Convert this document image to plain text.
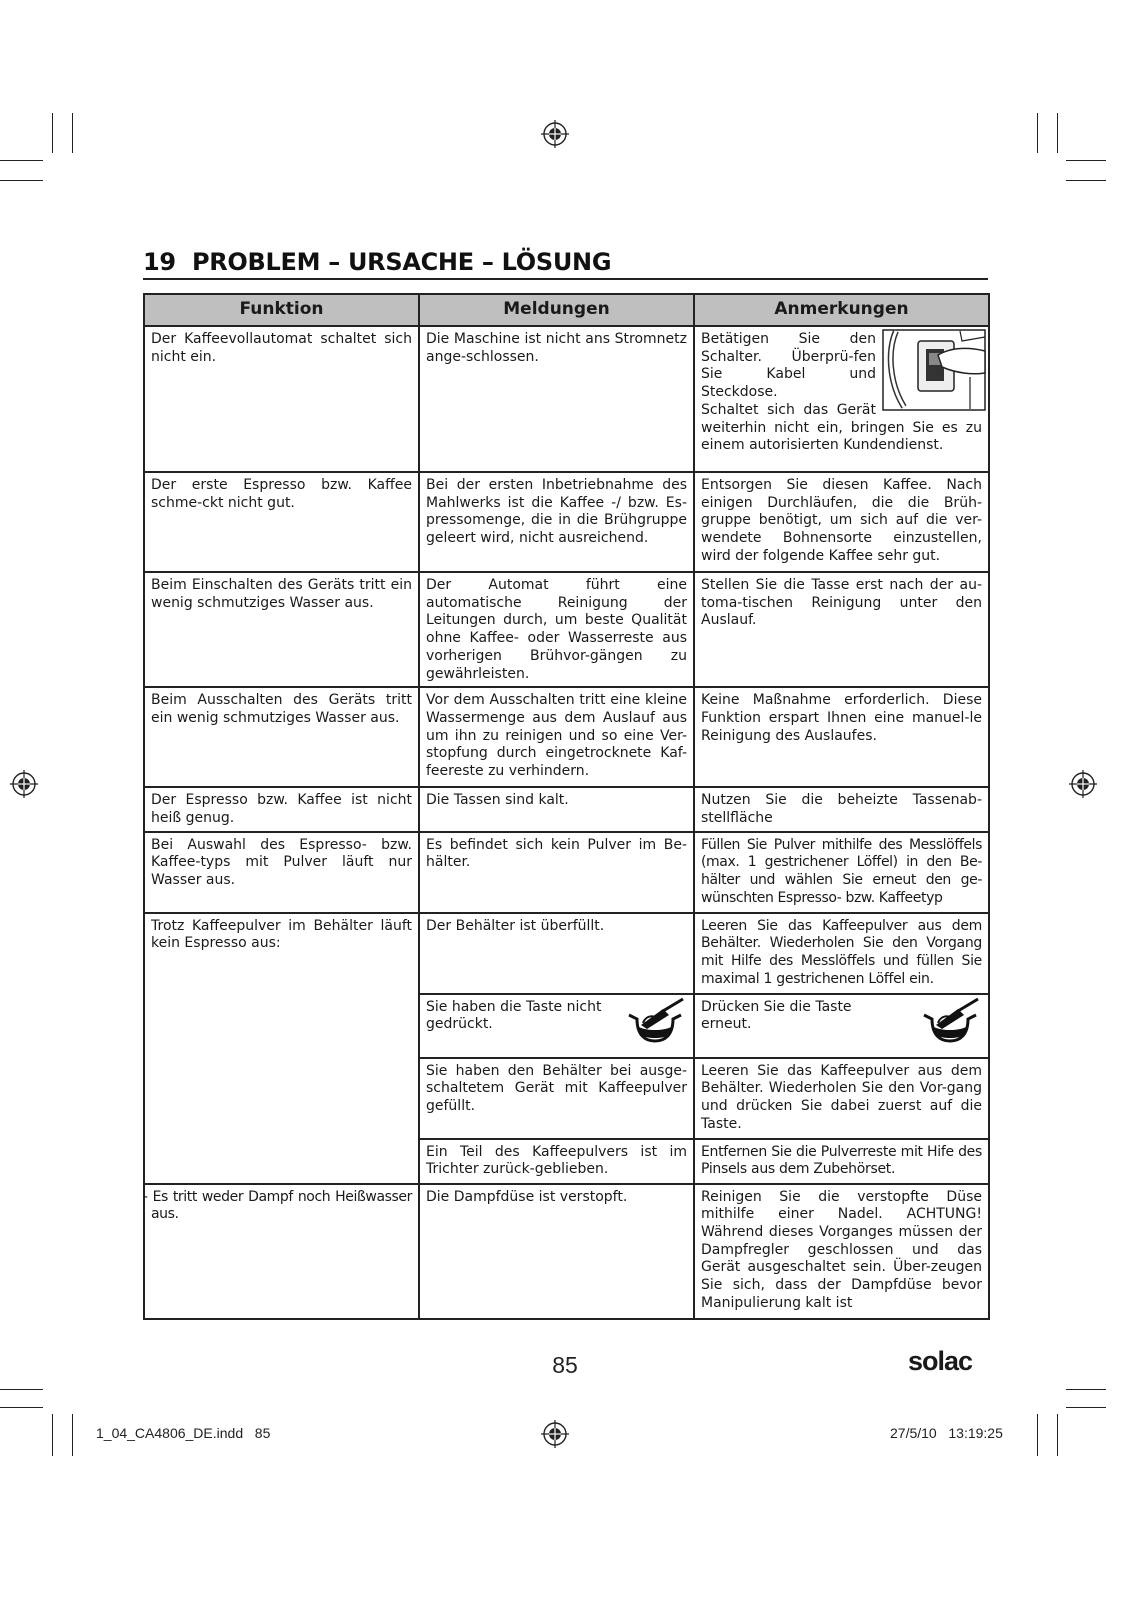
19 PROBLEM – URSACHE – LÖSUNG
Funktion	Meldungen	Anmerkungen
Der Kaffeevollautomat schaltet sich nicht ein.	Die Maschine ist nicht ans Stromnetz ange-schlossen.	Betätigen Sie den Schalter. Überprü-fen Sie Kabel und Steckdose.
Schaltet sich das Gerät weiterhin nicht ein, bringen Sie es zu einem autorisierten Kundendienst.
Der erste Espresso bzw. Kaffee schme-ckt nicht gut.	Bei der ersten Inbetriebnahme des Mahlwerks ist die Kaffee -/ bzw. Es-pressomenge, die in die Brühgruppe geleert wird, nicht ausreichend.	Entsorgen Sie diesen Kaffee. Nach einigen Durchläufen, die die Brüh-gruppe benötigt, um sich auf die ver-wendete Bohnensorte einzustellen, wird der folgende Kaffee sehr gut.
Beim Einschalten des Geräts tritt ein wenig schmutziges Wasser aus.	Der Automat führt eine automatische Reinigung der Leitungen durch, um beste Qualität ohne Kaffee- oder Wasserreste aus vorherigen Brühvor-gängen zu gewährleisten.	Stellen Sie die Tasse erst nach der au-toma-tischen Reinigung unter den Auslauf.
Beim Ausschalten des Geräts tritt ein wenig schmutziges Wasser aus.	Vor dem Ausschalten tritt eine kleine Wassermenge aus dem Auslauf aus um ihn zu reinigen und so eine Ver-stopfung durch eingetrocknete Kaf-feereste zu verhindern.	Keine Maßnahme erforderlich. Diese Funktion erspart Ihnen eine manuel-le Reinigung des Auslaufes.
Der Espresso bzw. Kaffee ist nicht heiß genug.	Die Tassen sind kalt.	Nutzen Sie die beheizte Tassenab-stellfläche
Bei Auswahl des Espresso- bzw. Kaffee-typs mit Pulver läuft nur Wasser aus.	Es befindet sich kein Pulver im Be-hälter.	Füllen Sie Pulver mithilfe des Messlöffels (max. 1 gestrichener Löffel) in den Be-hälter und wählen Sie erneut den ge-wünschten Espresso- bzw. Kaffeetyp
Trotz Kaffeepulver im Behälter läuft kein Espresso aus:	Der Behälter ist überfüllt.	Leeren Sie das Kaffeepulver aus dem Behälter. Wiederholen Sie den Vorgang mit Hilfe des Messlöffels und füllen Sie maximal 1 gestrichenen Löffel ein.

	Sie haben die Taste nicht gedrückt.	Drücken Sie die Taste erneut.

	Sie haben den Behälter bei ausge-schaltetem Gerät mit Kaffeepulver gefüllt.	Leeren Sie das Kaffeepulver aus dem Behälter. Wiederholen Sie den Vor-gang und drücken Sie dabei zuerst auf die Taste.
	Ein Teil des Kaffeepulvers ist im Trichter zurück-geblieben.	Entfernen Sie die Pulverreste mit Hife des Pinsels aus dem Zubehörset.
- Es tritt weder Dampf noch Heißwasser aus.	Die Dampfdüse ist verstopft.	Reinigen Sie die verstopfte Düse mithilfe einer Nadel. ACHTUNG! Während dieses Vorganges müssen der Dampfregler geschlossen und das Gerät ausgeschaltet sein. Über-zeugen Sie sich, dass der Dampfdüse bevor Manipulierung kalt ist
85	solac
1_04_CA4806_DE.indd   85	27/5/10   13:19:25
